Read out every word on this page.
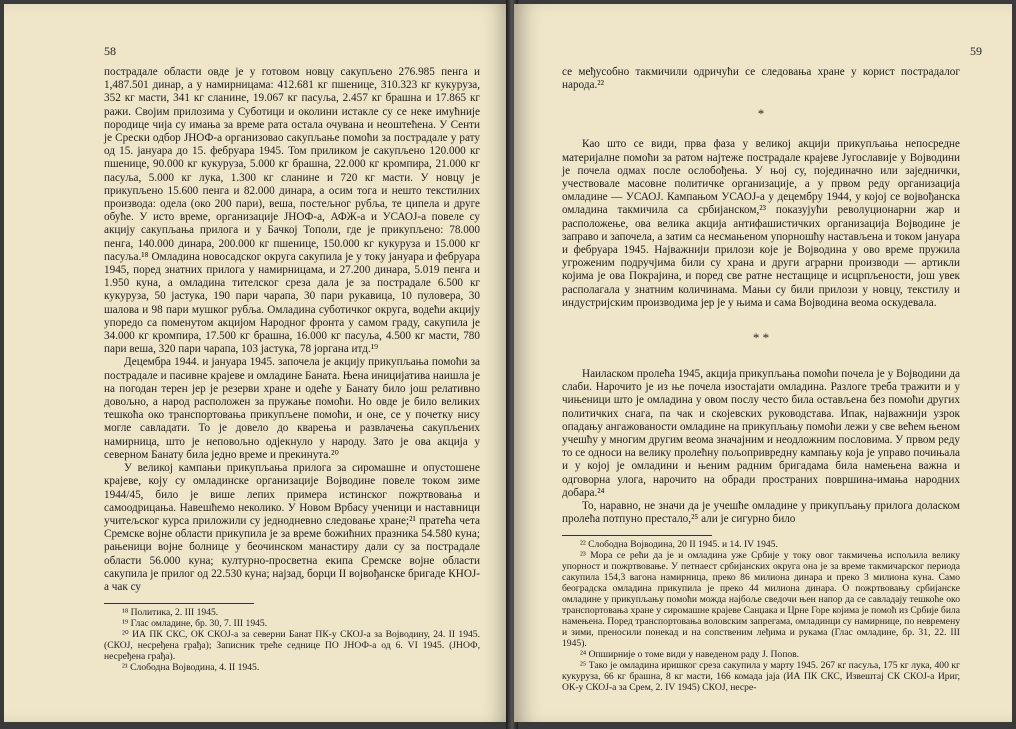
58

пострадале области овде је у готовом новцу сакупљено 276.985 пенга и 1,487.501 динар, а у намирницама: 412.681 кг пшенице, 310.323 кг кукуруза, 352 кг масти, 341 кг сланине, 19.067 кг пасуља, 2.457 кг брашна и 17.865 кг ражи. Својим прилозима у Суботици и околини истакле су се неке имућније породице чија су имања за време рата остала очувана и неоштећена. У Сенти је Срески одбор ЈНОФ-а организовао сакупљање помоћи за пострадале у рату од 15. јануара до 15. фебруара 1945. Том приликом је сакупљено 120.000 кг пшенице, 90.000 кг кукуруза, 5.000 кг брашна, 22.000 кг кромпира, 21.000 кг пасуља, 5.000 кг лука, 1.300 кг сланине и 720 кг масти. У новцу је прикупљено 15.600 пенга и 82.000 динара, а осим тога и нешто текстилних производа: одела (око 200 пари), веша, постељног рубља, те ципела и друге обуће. У исто време, организације ЈНОФ-а, АФЖ-а и УСАОЈ-а повеле су акцију сакупљања прилога и у Бачкој Тополи, где је прикупљено: 78.000 пенга, 140.000 динара, 200.000 кг пшенице, 150.000 кг кукуруза и 15.000 кг пасуља.¹⁸ Омладина новосадског округа сакупила је у току јануара и фебруара 1945, поред знатних прилога у намирницама, и 27.200 динара, 5.019 пенга и 1.950 куна, а омладина тителског среза дала је за пострадале 6.500 кг кукуруза, 50 јастука, 190 пари чарапа, 30 пари рукавица, 10 пуловера, 30 шалова и 98 пари мушког рубља. Омладина суботичког округа, водећи акцију упоредо са поменутом акцијом Народног фронта у самом граду, сакупила је 34.000 кг кромпира, 17.500 кг брашна, 16.000 кг пасуља, 4.500 кг масти, 780 пари веша, 320 пари чарапа, 103 јастука, 78 јоргана итд.¹⁹

Децембра 1944. и јануара 1945. започела је акцију прикупљања помоћи за пострадале и пасивне крајеве и омладине Баната. Њена иницијатива наишла је на погодан терен јер је резерви хране и одеће у Банату било још релативно довољно, а народ расположен за пружање помоћи. Но овде је било великих тешкоћа око транспортовања прикупљене помоћи, и оне, се у почетку нису могле савладати. То је довело до кварења и развлачења сакупљених намирница, што је неповољно одјекнуло у народу. Зато је ова акција у северном Банату била једно време и прекинута.²⁰

У великој кампањи прикупљања прилога за сиромашне и опустошене крајеве, коју су омладинске организације Војводине повеле током зиме 1944/45, било је више лепих примера истинског пожртвовања и самоодрицања. Навешћемо неколико. У Новом Врбасу ученици и наставници учитељског курса приложили су једнодневно следовање хране;²¹ пратећа чета Сремске војне области прикупила је за време божићних празника 54.580 куна; рањеници војне болнице у беочинском манастиру дали су за пострадале области 56.000 куна; културно-просветна екипа Сремске војне области сакупила је прилог од 22.530 куна; најзад, борци II војвођанске бригаде КНОЈ-а чак су

¹⁸ Политика, 2. III 1945.

¹⁹ Глас омладине, бр. 30, 7. III 1945.

²⁰ ИА ПК СКС, ОК СКОЈ-а за северни Банат ПК-у СКОЈ-а за Војводину, 24. II 1945. (СКОЈ, несређена грађа); Записник треће седнице ПО ЈНОФ-а од 6. VI 1945. (ЈНОФ, несређена грађа).

²¹ Слободна Војводина, 4. II 1945.

59

се међусобно такмичили одричући се следовања хране у корист пострадалог народа.²²

*

Као што се види, прва фаза у великој акцији прикупљања непосредне материјалне помоћи за ратом најтеже пострадале крајеве Југославије у Војводини је почела одмах после ослобођења. У њој су, појединачно или заједнички, учествовале масовне политичке организације, а у првом реду организација омладине — УСАОЈ. Кампањом УСАОЈ-а у децембру 1944, у којој се војвођанска омладина такмичила са србијанском,²³ показујући револуционарни жар и расположење, ова велика акција антифашистичких организација Војводине је заправо и започела, а затим са несмањеном упорношћу настављена и током јануара и фебруара 1945. Најважнији прилози које је Војводина у ово време пружила угроженим подручјима били су храна и други аграрни производи — артикли којима је ова Покрајина, и поред све ратне нестащице и исцрпљености, још увек располагала у знатним количинама. Мањи су били прилози у новцу, текстилу и индустријским производима јер је у њима и сама Војводина веома оскудевала.

* *

Наиласком пролећа 1945, акција прикупљања помоћи почела је у Војводини да слаби. Нарочито је из ње почела изостајати омладина. Разлоге треба тражити и у чињеници што је омладина у овом послу често била остављена без помоћи других политичких снага, па чак и скојевских руководстава. Ипак, најважнији узрок опадању ангажованости омладине на прикупљању помоћи лежи у све већем њеном учешћу у многим другим веома значајним и неодложним пословима. У првом реду то се односи на велику пролећну пољопривредну кампању која је управо почињала и у којој је омладини и њеним радним бригадама била намењена важна и одговорна улога, нарочито на обради пространих површина-имања народних добара.²⁴

То, наравно, не значи да је учешће омладине у прикупљању прилога доласком пролећа потпуно престало,²⁵ али је сигурно било

²² Слободна Војводина, 20 II 1945. и 14. IV 1945.

²³ Мора се рећи да је и омладина уже Србије у току овог такмичења испољила велику упорност и пожртвовање. У петнаест србијанских округа она је за време такмичарског периода сакупила 154,3 вагона намирница, преко 86 милиона динара и преко 3 милиона куна. Само београдска омладина прикупила је преко 44 милиона динара. О пожртвовању србијанске омладине у прикупљању помоћи можда најбоље сведочи њен напор да се савладају тешкоће око транспортовања хране у сиромашне крајеве Санџака и Црне Горе којима је помоћ из Србије била намењена. Поред транспортовања воловским запрегама, омладинци су намирнице, по невремену и зими, преносили понекад и на сопственим леђима и рукама (Глас омладине, бр. 31, 22. III 1945).

²⁴ Опширније о томе види у наведеном раду Ј. Попов.

²⁵ Тако је омладина иришког среза сакупила у марту 1945. 267 кг пасуља, 175 кг лука, 400 кг кукуруза, 66 кг брашна, 8 кг масти, 166 комада јаја (ИА ПК СКС, Извештај СК СКОЈ-а Ириг, ОК-у СКОЈ-а за Срем, 2. IV 1945) СКОЈ, несре-
